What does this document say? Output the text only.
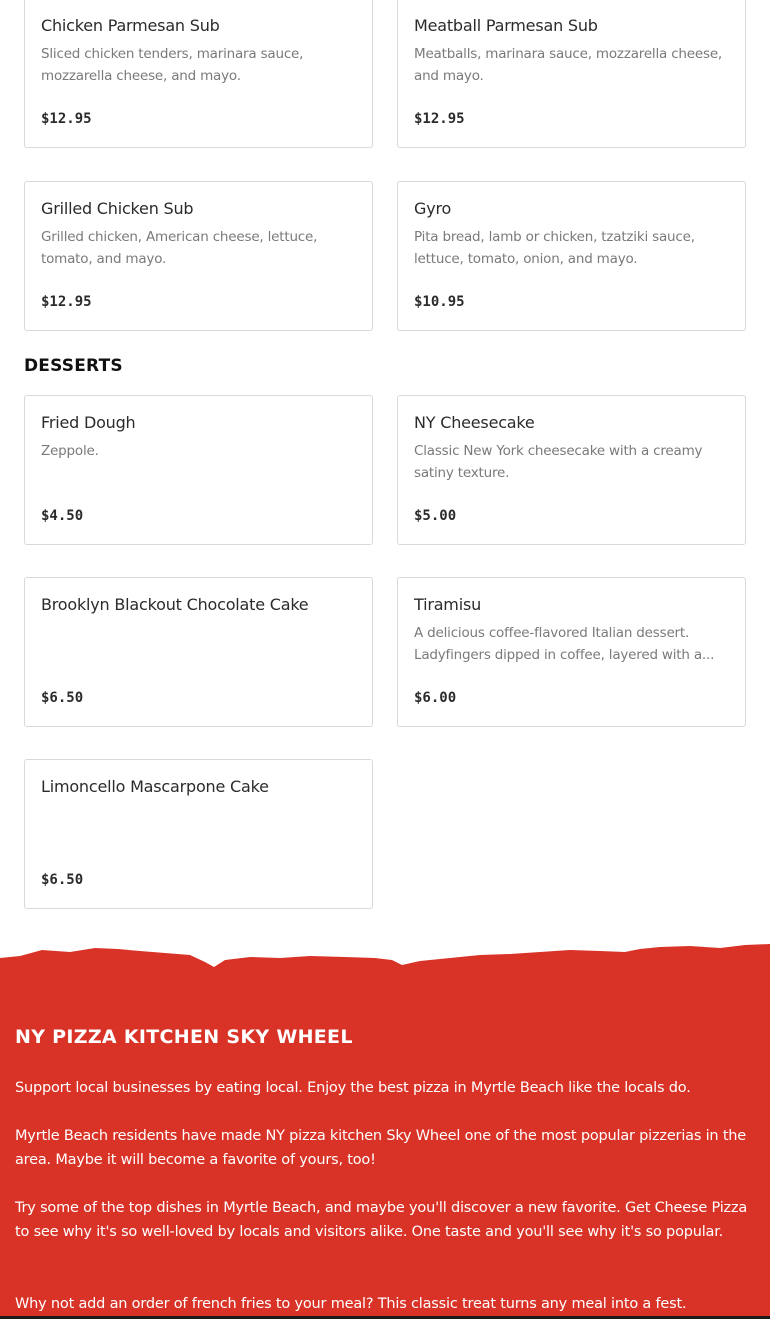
Chicken Parmesan Sub
Sliced chicken tenders, marinara sauce, mozzarella cheese, and mayo.
$12.95
Meatball Parmesan Sub
Meatballs, marinara sauce, mozzarella cheese, and mayo.
$12.95
Grilled Chicken Sub
Grilled chicken, American cheese, lettuce, tomato, and mayo.
$12.95
Gyro
Pita bread, lamb or chicken, tzatziki sauce, lettuce, tomato, onion, and mayo.
$10.95
DESSERTS
Fried Dough
Zeppole.
$4.50
NY Cheesecake
Classic New York cheesecake with a creamy satiny texture.
$5.00
Brooklyn Blackout Chocolate Cake
$6.50
Tiramisu
A delicious coffee-flavored Italian dessert. Ladyfingers dipped in coffee, layered with a...
$6.00
Limoncello Mascarpone Cake
$6.50
NY PIZZA KITCHEN SKY WHEEL

Support local businesses by eating local. Enjoy the best pizza in Myrtle Beach like the locals do.

Myrtle Beach residents have made NY pizza kitchen Sky Wheel one of the most popular pizzerias in the area. Maybe it will become a favorite of yours, too!

Try some of the top dishes in Myrtle Beach, and maybe you'll discover a new favorite. Get Cheese Pizza to see why it's so well-loved by locals and visitors alike. One taste and you'll see why it's so popular.

Why not add an order of french fries to your meal? This classic treat turns any meal into a fest.
